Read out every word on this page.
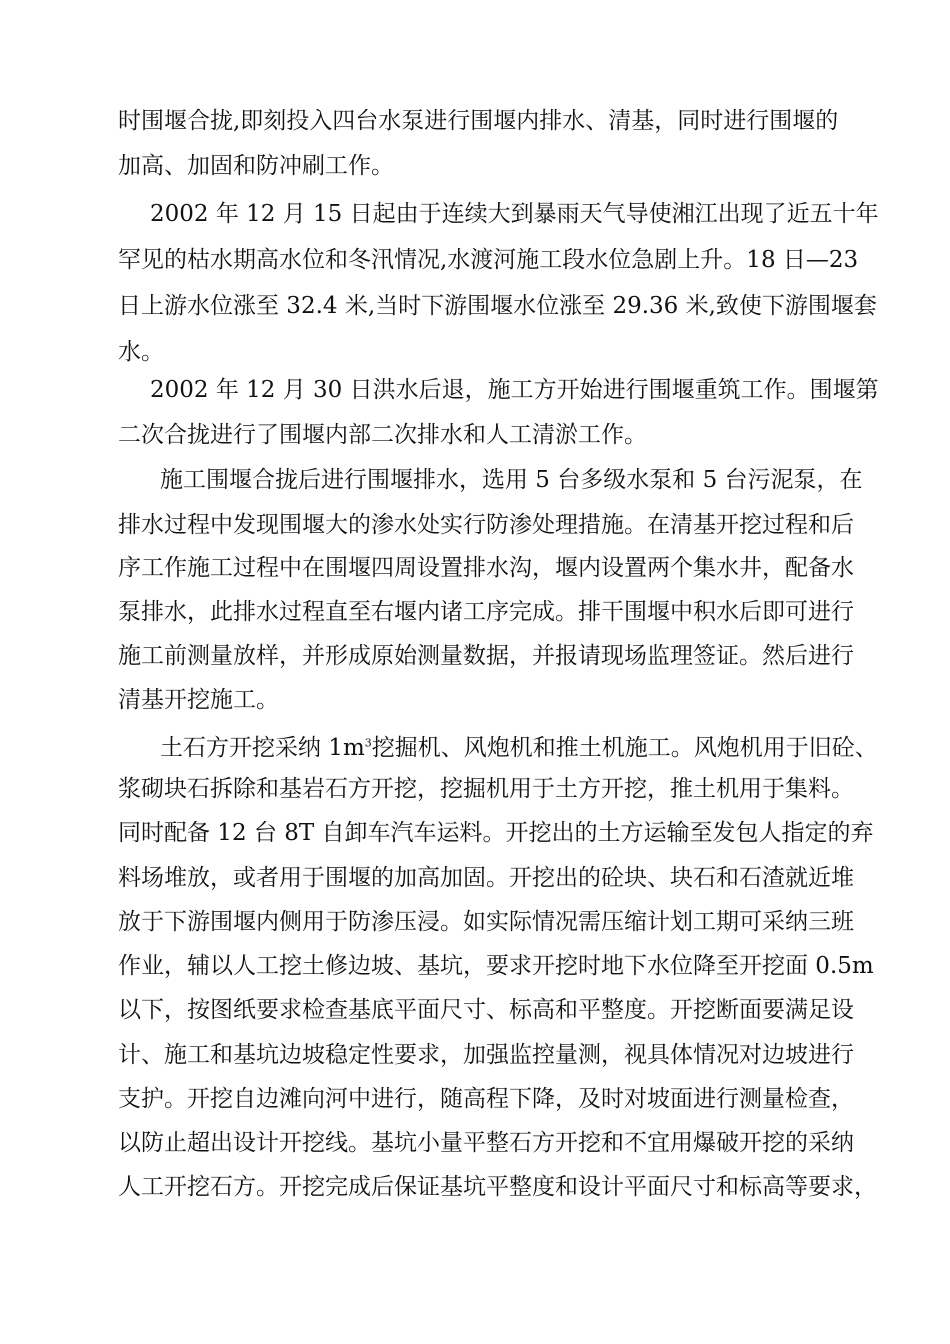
时围堰合拢,即刻投入四台水泵进行围堰内排水、清基，同时进行围堰的
加高、加固和防冲刷工作。
2002 年 12 月 15 日起由于连续大到暴雨天气导使湘江出现了近五十年
罕见的枯水期高水位和冬汛情况,水渡河施工段水位急剧上升。18 日—23
日上游水位涨至 32.4 米,当时下游围堰水位涨至 29.36 米,致使下游围堰套
水。
2002 年 12 月 30 日洪水后退，施工方开始进行围堰重筑工作。围堰第
二次合拢进行了围堰内部二次排水和人工清淤工作。
施工围堰合拢后进行围堰排水，选用 5 台多级水泵和 5 台污泥泵，在
排水过程中发现围堰大的渗水处实行防渗处理措施。在清基开挖过程和后
序工作施工过程中在围堰四周设置排水沟，堰内设置两个集水井，配备水
泵排水，此排水过程直至右堰内诸工序完成。排干围堰中积水后即可进行
施工前测量放样，并形成原始测量数据，并报请现场监理签证。然后进行
清基开挖施工。
土石方开挖采纳 $1m^3$挖掘机、风炮机和推土机施工。风炮机用于旧砼、
浆砌块石拆除和基岩石方开挖，挖掘机用于土方开挖，推土机用于集料。
同时配备 12 台 8T 自卸车汽车运料。开挖出的土方运输至发包人指定的弃
料场堆放，或者用于围堰的加高加固。开挖出的砼块、块石和石渣就近堆
放于下游围堰内侧用于防渗压浸。如实际情况需压缩计划工期可采纳三班
作业，辅以人工挖土修边坡、基坑，要求开挖时地下水位降至开挖面 0.5m
以下，按图纸要求检查基底平面尺寸、标高和平整度。开挖断面要满足设
计、施工和基坑边坡稳定性要求，加强监控量测，视具体情况对边坡进行
支护。开挖自边滩向河中进行，随高程下降，及时对坡面进行测量检查，
以防止超出设计开挖线。基坑小量平整石方开挖和不宜用爆破开挖的采纳
人工开挖石方。开挖完成后保证基坑平整度和设计平面尺寸和标高等要求，
